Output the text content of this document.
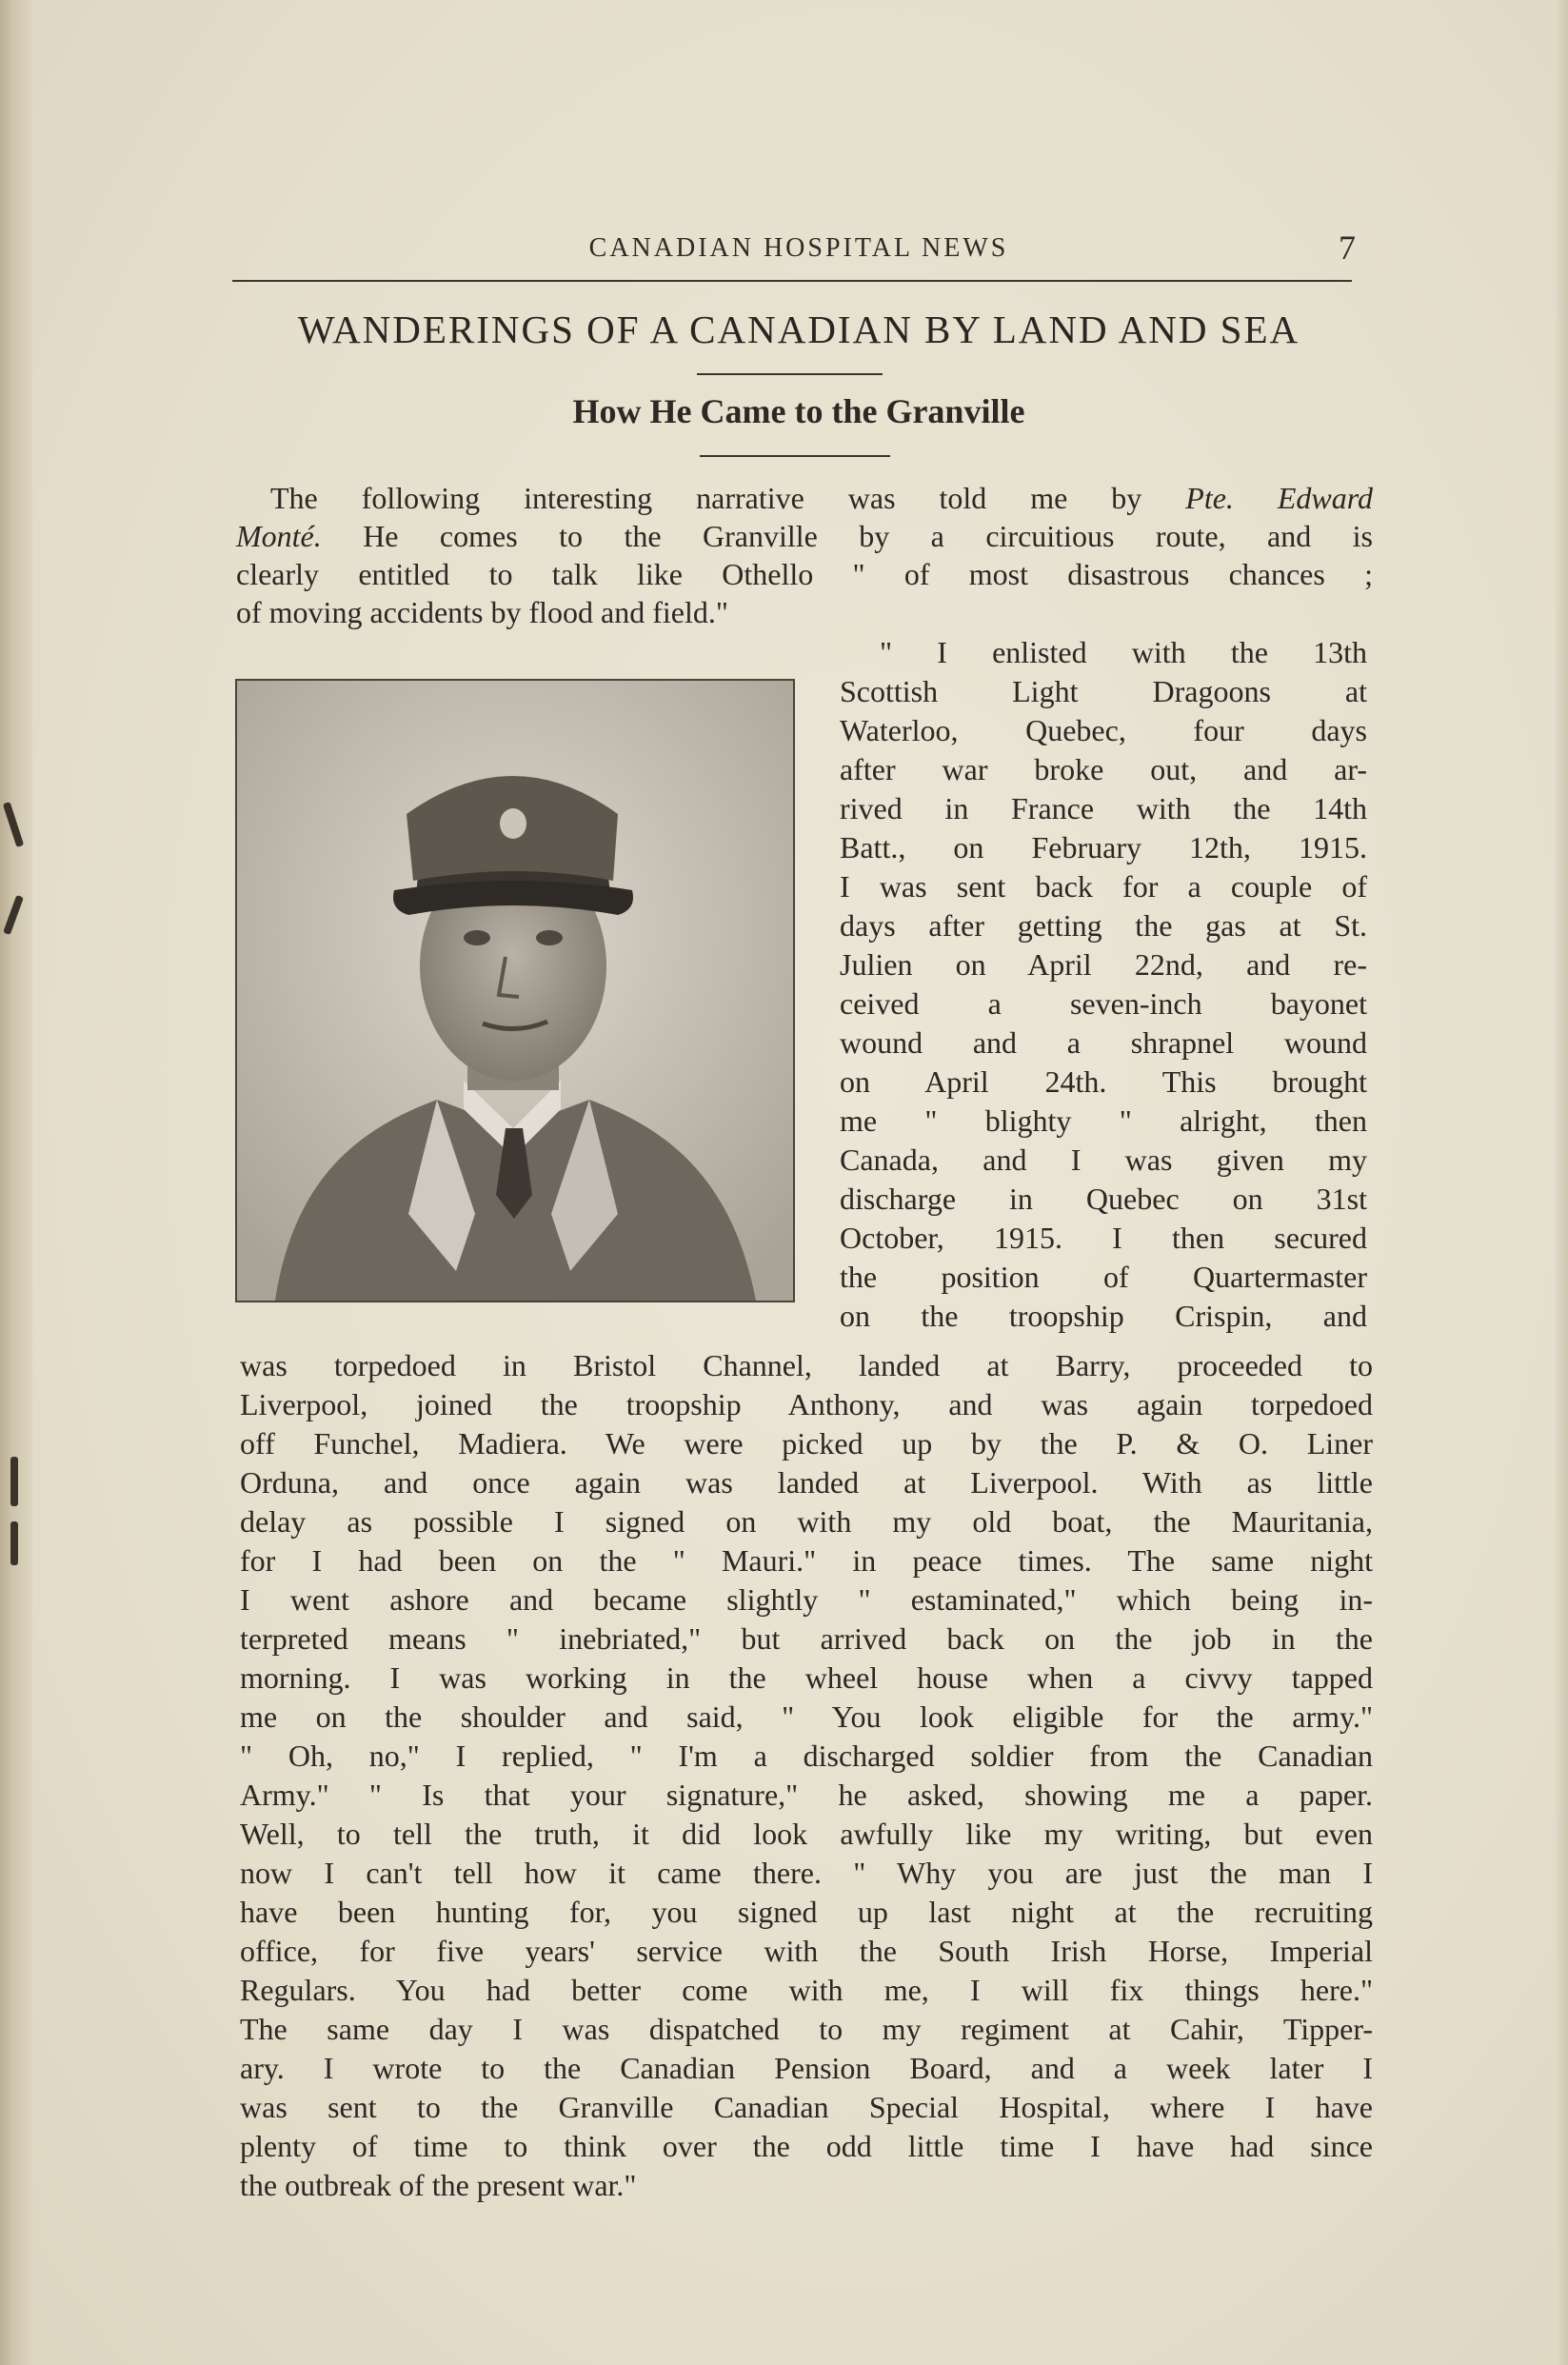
CANADIAN HOSPITAL NEWS	7
WANDERINGS OF A CANADIAN BY LAND AND SEA
How He Came to the Granville
The following interesting narrative was told me by Pte. Edward
Monté. He comes to the Granville by a circuitious route, and is
clearly entitled to talk like Othello " of most disastrous chances ;
of moving accidents by flood and field."
" I enlisted with the 13th
Scottish Light Dragoons at
Waterloo, Quebec, four days
after war broke out, and ar-
rived in France with the 14th
Batt., on February 12th, 1915.
I was sent back for a couple of
days after getting the gas at St.
Julien on April 22nd, and re-
ceived a seven-inch bayonet
wound and a shrapnel wound
on April 24th. This brought
me " blighty " alright, then
Canada, and I was given my
discharge in Quebec on 31st
October, 1915. I then secured
the position of Quartermaster
on the troopship Crispin, and
was torpedoed in Bristol Channel, landed at Barry, proceeded to
Liverpool, joined the troopship Anthony, and was again torpedoed
off Funchel, Madiera. We were picked up by the P. & O. Liner
Orduna, and once again was landed at Liverpool. With as little
delay as possible I signed on with my old boat, the Mauritania,
for I had been on the " Mauri." in peace times. The same night
I went ashore and became slightly " estaminated," which being in-
terpreted means " inebriated," but arrived back on the job in the
morning. I was working in the wheel house when a civvy tapped
me on the shoulder and said, " You look eligible for the army."
" Oh, no," I replied, " I'm a discharged soldier from the Canadian
Army." " Is that your signature," he asked, showing me a paper.
Well, to tell the truth, it did look awfully like my writing, but even
now I can't tell how it came there. " Why you are just the man I
have been hunting for, you signed up last night at the recruiting
office, for five years' service with the South Irish Horse, Imperial
Regulars. You had better come with me, I will fix things here."
The same day I was dispatched to my regiment at Cahir, Tipper-
ary. I wrote to the Canadian Pension Board, and a week later I
was sent to the Granville Canadian Special Hospital, where I have
plenty of time to think over the odd little time I have had since
the outbreak of the present war."
